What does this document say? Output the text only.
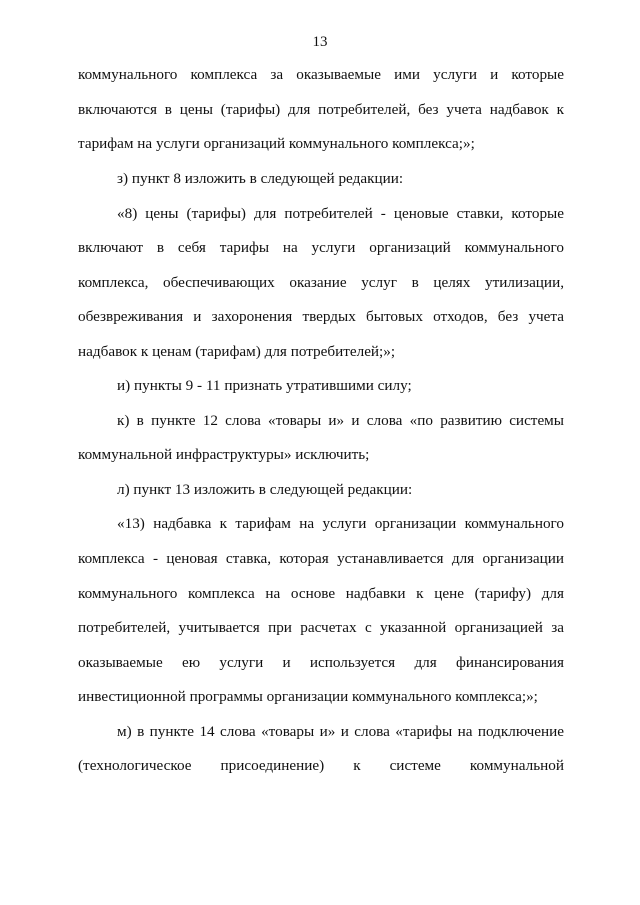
13
коммунального комплекса за оказываемые ими услуги и которые
включаются в цены (тарифы) для потребителей, без учета надбавок к
тарифам на услуги организаций коммунального комплекса;»;
з) пункт 8 изложить в следующей редакции:
«8) цены (тарифы) для потребителей - ценовые ставки, которые
включают в себя тарифы на услуги организаций коммунального
комплекса, обеспечивающих оказание услуг в целях утилизации,
обезвреживания и захоронения твердых бытовых отходов, без учета
надбавок к ценам (тарифам) для потребителей;»;
и) пункты 9 - 11 признать утратившими силу;
к) в пункте 12 слова «товары и» и слова «по развитию системы
коммунальной инфраструктуры» исключить;
л) пункт 13 изложить в следующей редакции:
«13) надбавка к тарифам на услуги организации коммунального
комплекса - ценовая ставка, которая устанавливается для организации
коммунального комплекса на основе надбавки к цене (тарифу) для
потребителей, учитывается при расчетах с указанной организацией за
оказываемые ею услуги и используется для финансирования
инвестиционной программы организации коммунального комплекса;»;
м) в пункте 14 слова «товары и» и слова «тарифы на подключение
(технологическое присоединение) к системе коммунальной
